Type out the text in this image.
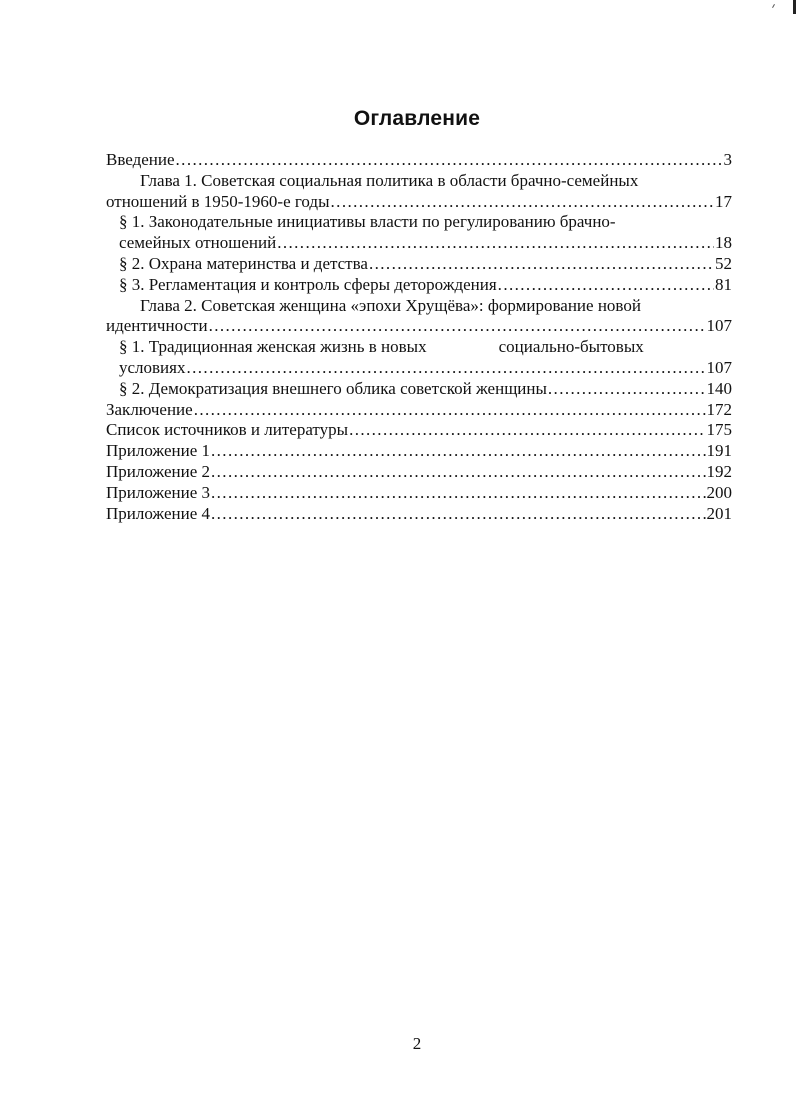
Оглавление
Введение .....	3
Глава 1. Советская социальная политика в области брачно-семейных
отношений в 1950-1960-е годы .....	17
§ 1. Законодательные инициативы власти по регулированию брачно-
семейных отношений .....	18
§ 2. Охрана материнства и детства .....	52
§ 3. Регламентация и контроль сферы деторождения .....	81
Глава 2. Советская женщина «эпохи Хрущёва»: формирование новой
идентичности .....	107
§ 1. Традиционная женская жизнь в новых	социально-бытовых
условиях .....	107
§ 2. Демократизация внешнего облика советской женщины .....	140
Заключение .....	172
Список источников и литературы .....	175
Приложение 1 .....	191
Приложение 2 .....	192
Приложение 3 .....	200
Приложение 4 .....	201
2
